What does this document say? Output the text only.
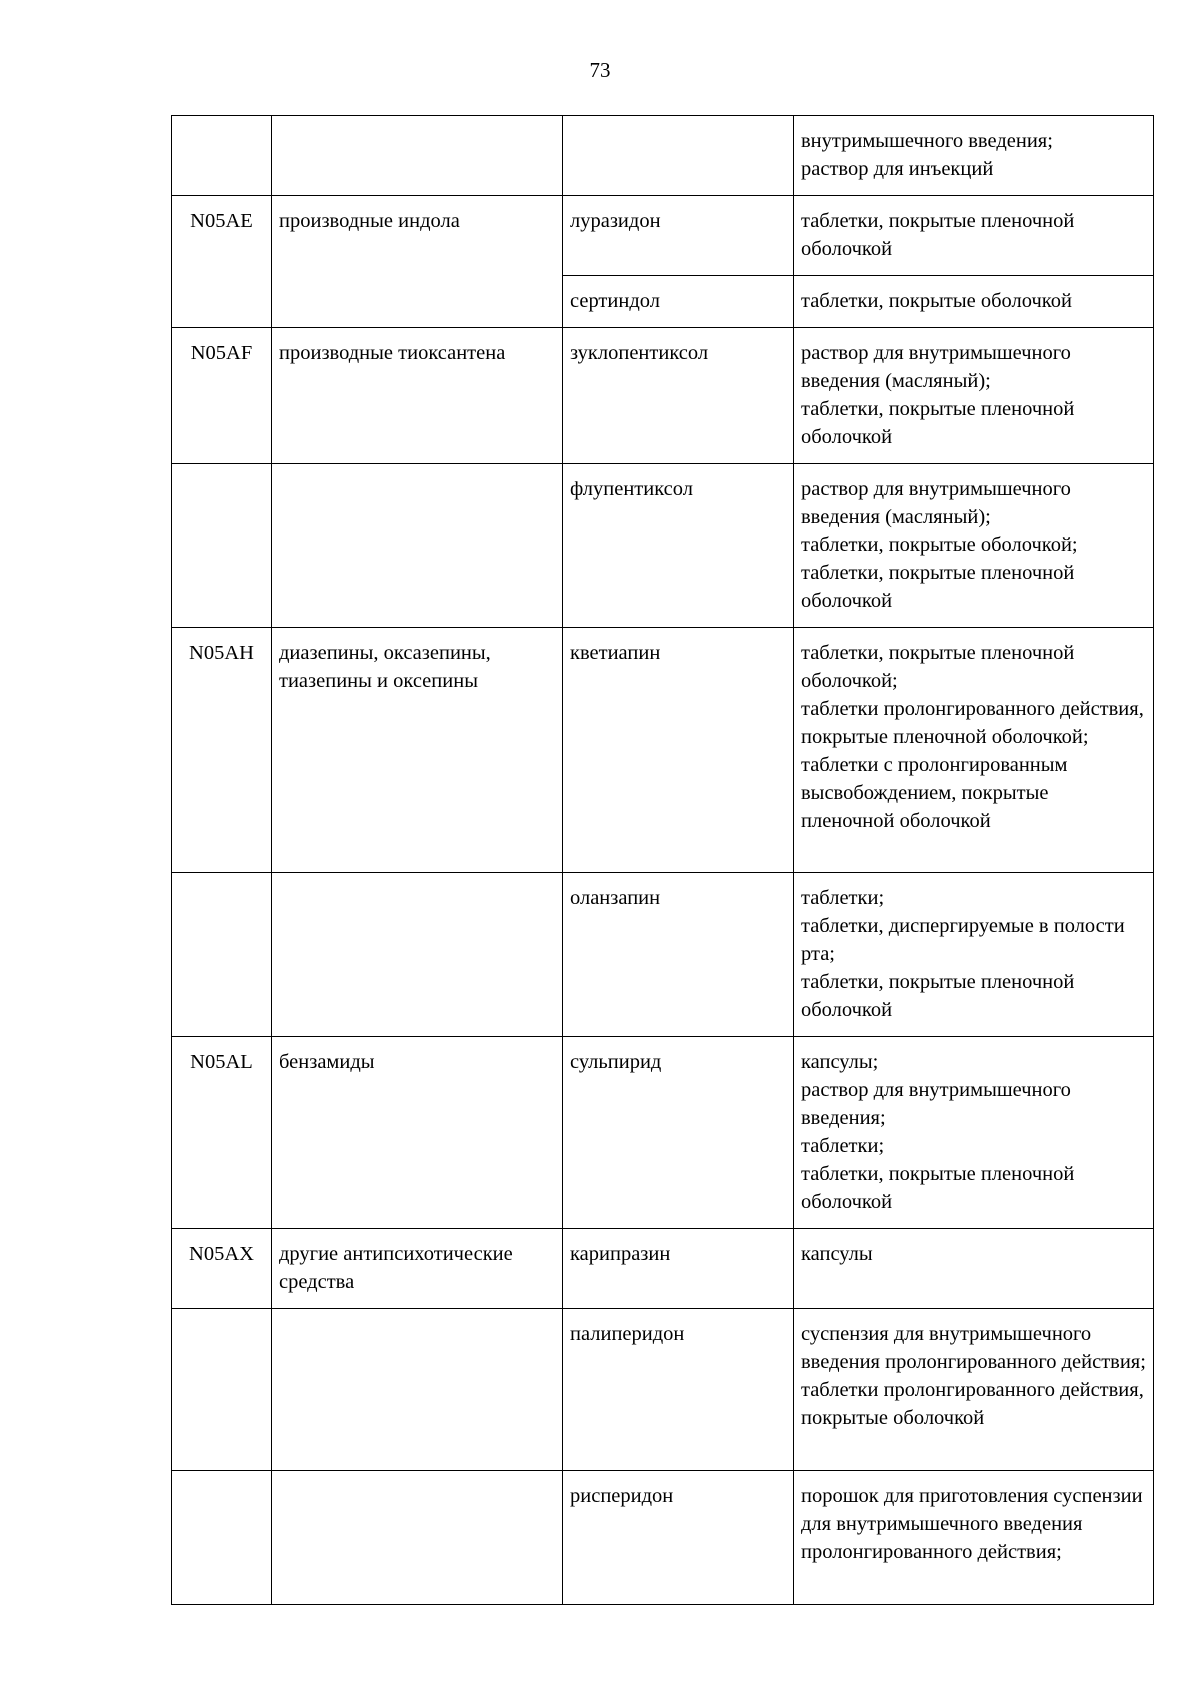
73
			внутримышечного введения;
раствор для инъекций
N05AE	производные индола	луразидон	таблетки, покрытые пленочной оболочкой
		сертиндол	таблетки, покрытые оболочкой
N05AF	производные тиоксантена	зуклопентиксол	раствор для внутримышечного введения (масляный);
таблетки, покрытые пленочной оболочкой
		флупентиксол	раствор для внутримышечного введения (масляный);
таблетки, покрытые оболочкой;
таблетки, покрытые пленочной оболочкой
N05AH	диазепины, оксазепины, тиазепины и оксепины	кветиапин	таблетки, покрытые пленочной оболочкой;
таблетки пролонгированного действия, покрытые пленочной оболочкой;
таблетки с пролонгированным высвобождением, покрытые пленочной оболочкой
		оланзапин	таблетки;
таблетки, диспергируемые в полости рта;
таблетки, покрытые пленочной оболочкой
N05AL	бензамиды	сульпирид	капсулы;
раствор для внутримышечного введения;
таблетки;
таблетки, покрытые пленочной оболочкой
N05AX	другие антипсихотические средства	карипразин	капсулы
		палиперидон	суспензия для внутримышечного введения пролонгированного действия;
таблетки пролонгированного действия, покрытые оболочкой
		рисперидон	порошок для приготовления суспензии для внутримышечного введения пролонгированного действия;
